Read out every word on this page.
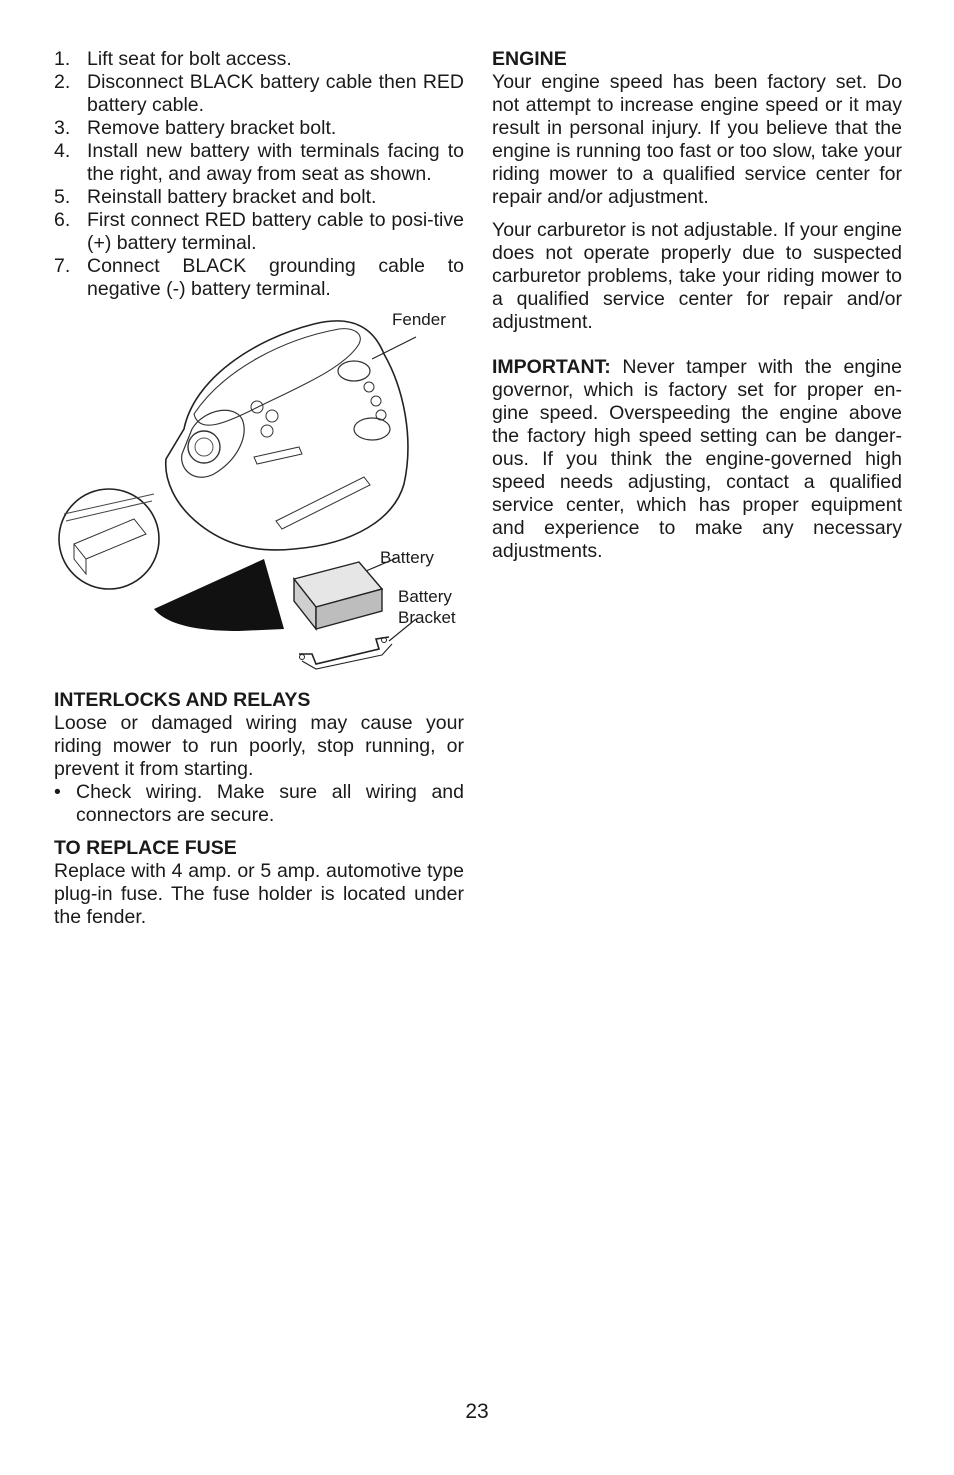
1. Lift seat for bolt access.
2. Disconnect BLACK battery cable then RED battery cable.
3. Remove battery bracket bolt.
4. Install new battery with terminals facing to the right, and away from seat as shown.
5. Reinstall battery bracket and bolt.
6. First connect RED battery cable to posi-tive (+) battery terminal.
7. Connect BLACK grounding cable to negative (-) battery terminal.
Fender
Battery
Battery
Bracket
INTERLOCKS AND RELAYS

Loose or damaged wiring may cause your riding mower to run poorly, stop running, or prevent it from starting.

• Check wiring. Make sure all wiring and connectors are secure.
TO REPLACE FUSE

Replace with 4 amp. or 5 amp. automotive type plug-in fuse. The fuse holder is located under the fender.

ENGINE

Your engine speed has been factory set. Do not attempt to increase engine speed or it may result in personal injury. If you believe that the engine is running too fast or too slow, take your riding mower to a qualified service center for repair and/or adjustment.

Your carburetor is not adjustable. If your engine does not operate properly due to suspected carburetor problems, take your riding mower to a qualified service center for repair and/or adjustment.

IMPORTANT: Never tamper with the engine governor, which is factory set for proper en-gine speed. Overspeeding the engine above the factory high speed setting can be danger-ous. If you think the engine-governed high speed needs adjusting, contact a qualified service center, which has proper equipment and experience to make any necessary adjustments.

23
